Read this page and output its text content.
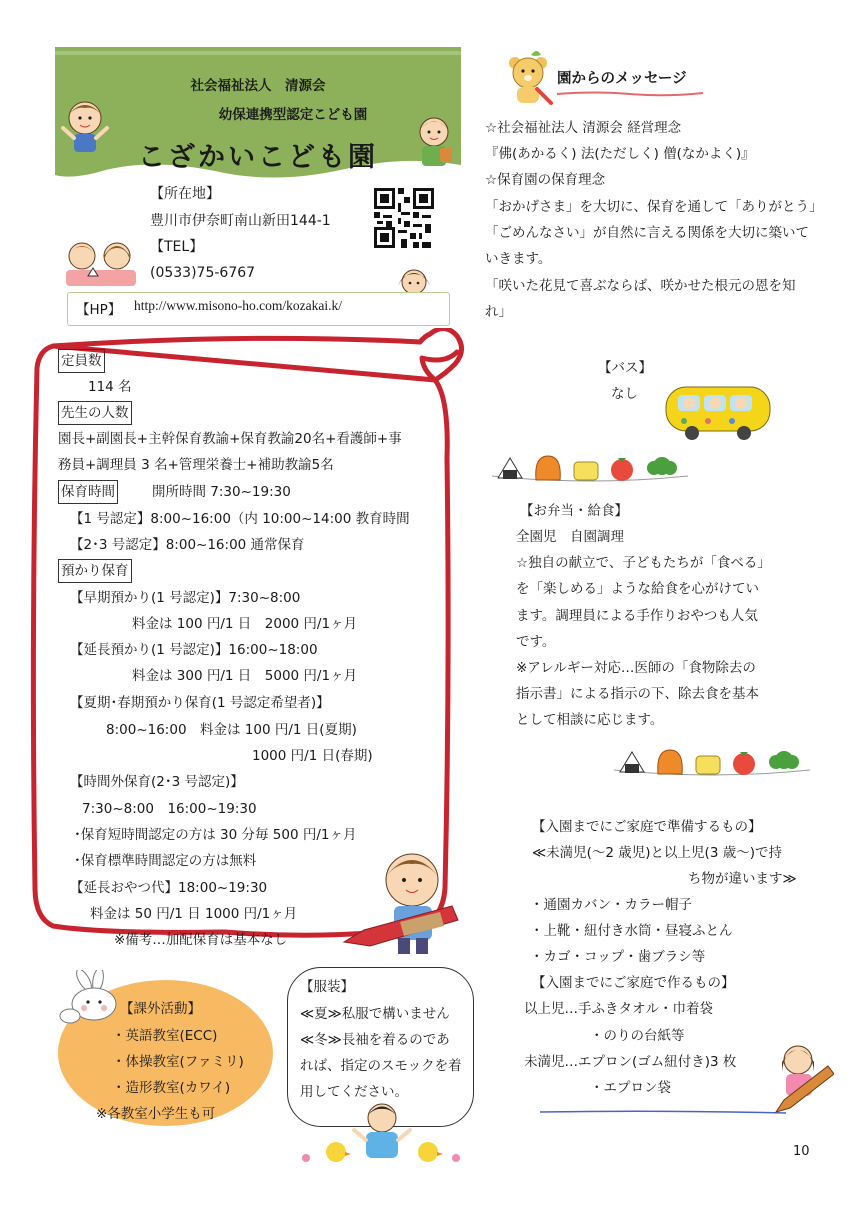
社会福祉法人　清源会
幼保連携型認定こども園
こざかいこども園
【所在地】
豊川市伊奈町南山新田144-1
【TEL】
(0533)75-6767
【HP】 http://www.misono-ho.com/kozakai.k/
園からのメッセージ
☆社会福祉法人 清源会 経営理念
『佛(あかるく) 法(ただしく) 僧(なかよく)』
☆保育園の保育理念
「おかげさま」を大切に、保育を通して「ありがとう」
「ごめんなさい」が自然に言える関係を大切に築いて
いきます。
「咲いた花見て喜ぶならば、咲かせた根元の恩を知
れ」
定員数
114 名
先生の人数
園長+副園長+主幹保育教諭+保育教諭20名+看護師+事
務員+調理員 3 名+管理栄養士+補助教諭5名
保育時間	開所時間 7:30~19:30
【1 号認定】8:00~16:00（内 10:00~14:00 教育時間
【2･3 号認定】8:00~16:00 通常保育
預かり保育
【早期預かり(1 号認定)】7:30~8:00
料金は 100 円/1 日　2000 円/1ヶ月
【延長預かり(1 号認定)】16:00~18:00
料金は 300 円/1 日　5000 円/1ヶ月
【夏期･春期預かり保育(1 号認定希望者)】
8:00~16:00　料金は 100 円/1 日(夏期)
1000 円/1 日(春期)
【時間外保育(2･3 号認定)】
7:30~8:00　16:00~19:30
･保育短時間認定の方は 30 分毎 500 円/1ヶ月
･保育標準時間認定の方は無料
【延長おやつ代】18:00~19:30
料金は 50 円/1 日 1000 円/1ヶ月
※備考…加配保育は基本なし
【バス】
なし
【お弁当・給食】
全園児　自園調理
☆独自の献立で、子どもたちが「食べる」
を「楽しめる」ような給食を心がけてい
ます。調理員による手作りおやつも人気
です。
※アレルギー対応…医師の「食物除去の
指示書」による指示の下、除去食を基本
として相談に応じます。
【入園までにご家庭で準備するもの】
≪未満児(～2 歳児)と以上児(3 歳～)で持
ち物が違います≫
・通園カバン・カラー帽子
・上靴・紐付き水筒・昼寝ふとん
・カゴ・コップ・歯ブラシ等
【入園までにご家庭で作るもの】
以上児…手ふきタオル・巾着袋
・のりの台紙等
未満児…エプロン(ゴム紐付き)3 枚
・エプロン袋
【課外活動】
・英語教室(ECC)
・体操教室(ファミリ)
・造形教室(カワイ)
※各教室小学生も可
【服装】
≪夏≫私服で構いません
≪冬≫長袖を着るのであ
れば、指定のスモックを着
用してください。
10
